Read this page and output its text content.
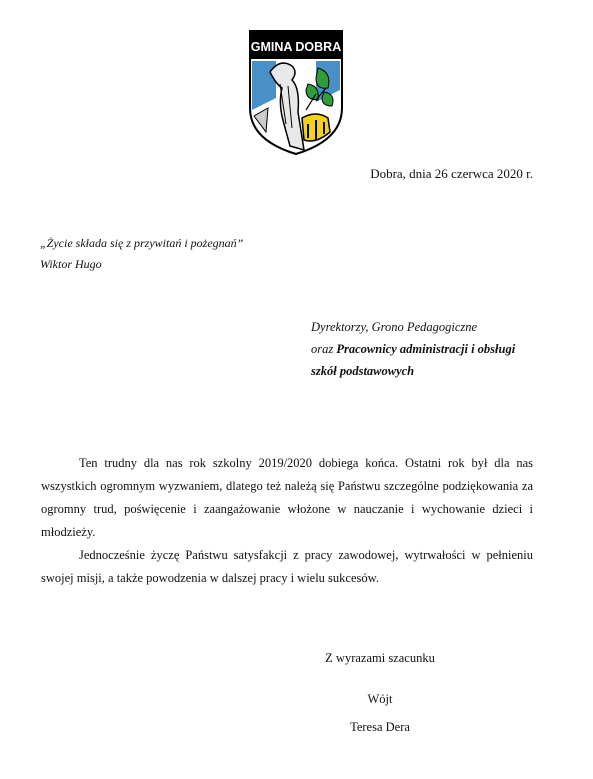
GMINA DOBRA
Dobra, dnia 26 czerwca 2020 r.
„Życie składa się z przywitań i pożegnań”
Wiktor Hugo
Dyrektorzy, Grono Pedagogiczne
oraz Pracownicy administracji i obsługi
szkół podstawowych

Ten trudny dla nas rok szkolny 2019/2020 dobiega końca. Ostatni rok był dla nas wszystkich ogromnym wyzwaniem, dlatego też należą się Państwu szczególne podziękowania za ogromny trud, poświęcenie i zaangażowanie włożone w nauczanie i wychowanie dzieci i młodzieży.

Jednocześnie życzę Państwu satysfakcji z pracy zawodowej, wytrwałości w pełnieniu swojej misji, a także powodzenia w dalszej pracy i wielu sukcesów.

Z wyrazami szacunku
Wójt
Teresa Dera
